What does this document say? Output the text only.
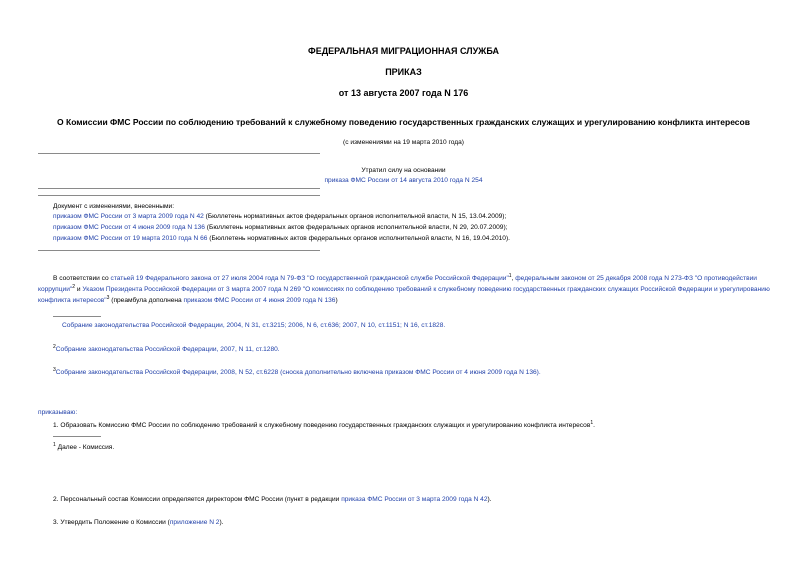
ФЕДЕРАЛЬНАЯ МИГРАЦИОННАЯ СЛУЖБА
ПРИКАЗ
от 13 августа 2007 года N 176
О Комиссии ФМС России по соблюдению требований к служебному поведению государственных гражданских служащих и урегулированию конфликта интересов
(с изменениями на 19 марта 2010 года)
Утратил силу на основании
приказа ФМС России от 14 августа 2010 года N 254
Документ с изменениями, внесенными:
приказом ФМС России от 3 марта 2009 года N 42 (Бюллетень нормативных актов федеральных органов исполнительной власти, N 15, 13.04.2009);
приказом ФМС России от 4 июня 2009 года N 136 (Бюллетень нормативных актов федеральных органов исполнительной власти, N 29, 20.07.2009);
приказом ФМС России от 19 марта 2010 года N 66 (Бюллетень нормативных актов федеральных органов исполнительной власти, N 16, 19.04.2010).
В соответствии со статьей 19 Федерального закона от 27 июля 2004 года N 79-ФЗ "О государственной гражданской службе Российской Федерации"$^1$, федеральным законом от 25 декабря 2008 года N 273-ФЗ "О противодействии коррупции"$^2$ и Указом Президента Российской Федерации от 3 марта 2007 года N 269 "О комиссиях по соблюдению требований к служебному поведению государственных гражданских служащих Российской Федерации и урегулированию конфликта интересов"$^3$ (преамбула дополнена приказом ФМС России от 4 июня 2009 года N 136)
Собрание законодательства Российской Федерации, 2004, N 31, ст.3215; 2006, N 6, ст.636; 2007, N 10, ст.1151; N 16, ст.1828.
$^2$Собрание законодательства Российской Федерации, 2007, N 11, ст.1280.
$^3$Собрание законодательства Российской Федерации, 2008, N 52, ст.6228 (сноска дополнительно включена приказом ФМС России от 4 июня 2009 года N 136).
приказываю:
1. Образовать Комиссию ФМС России по соблюдению требований к служебному поведению государственных гражданских служащих и урегулированию конфликта интересов$^1$.
$^1$ Далее - Комиссия.
2. Персональный состав Комиссии определяется директором ФМС России (пункт в редакции приказа ФМС России от 3 марта 2009 года N 42).
3. Утвердить Положение о Комиссии (приложение N 2).
